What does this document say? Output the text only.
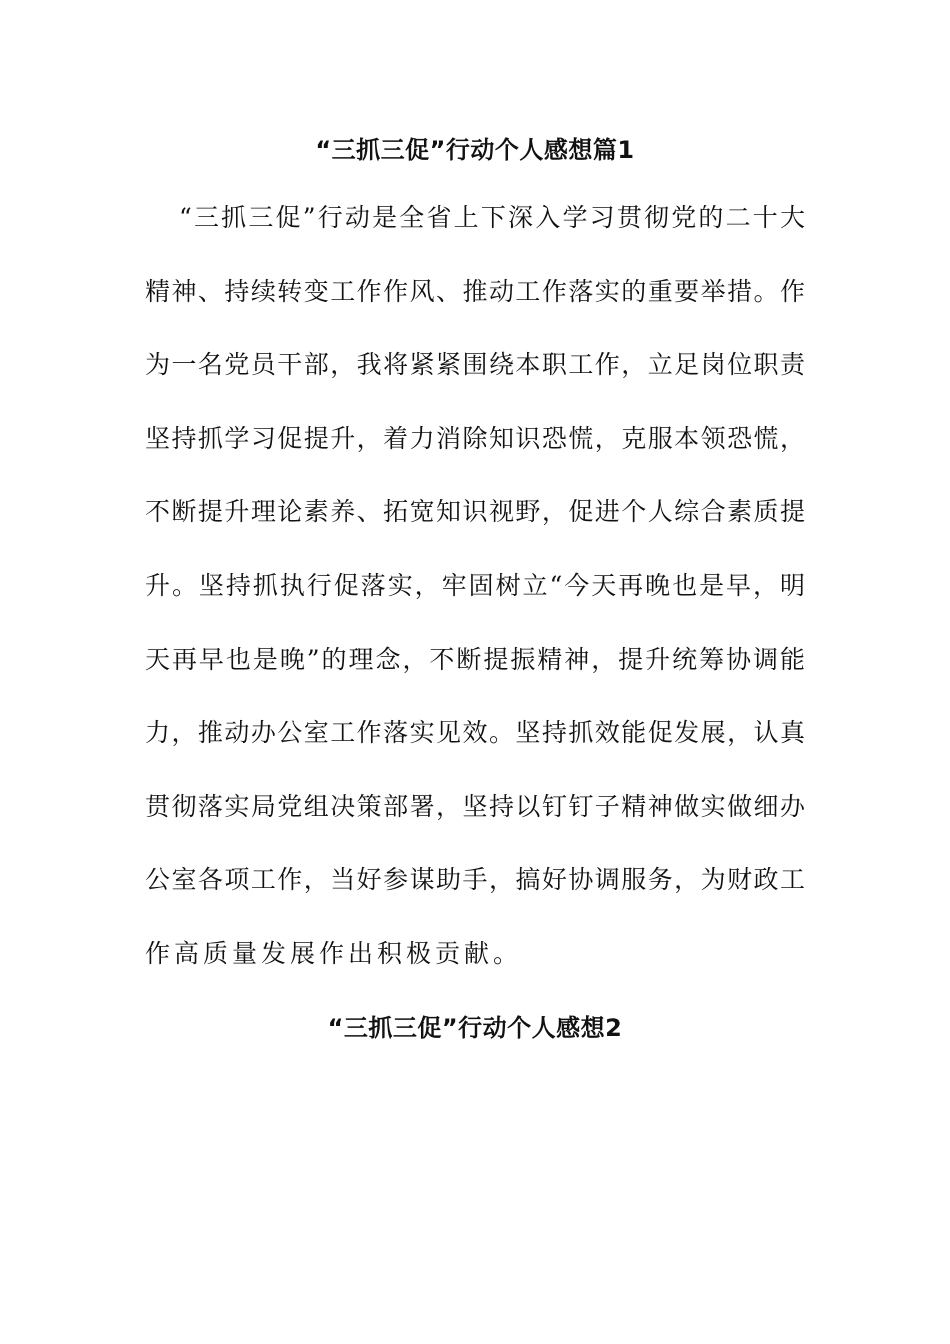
“三抓三促”行动个人感想篇1
“三抓三促”行动是全省上下深入学习贯彻党的二十大
精神、持续转变工作作风、推动工作落实的重要举措。作
为一名党员干部，我将紧紧围绕本职工作，立足岗位职责
坚持抓学习促提升，着力消除知识恐慌，克服本领恐慌，
不断提升理论素养、拓宽知识视野，促进个人综合素质提
升。坚持抓执行促落实，牢固树立“今天再晚也是早，明
天再早也是晚”的理念，不断提振精神，提升统筹协调能
力，推动办公室工作落实见效。坚持抓效能促发展，认真
贯彻落实局党组决策部署，坚持以钉钉子精神做实做细办
公室各项工作，当好参谋助手，搞好协调服务，为财政工
作高质量发展作出积极贡献。
“三抓三促”行动个人感想2
